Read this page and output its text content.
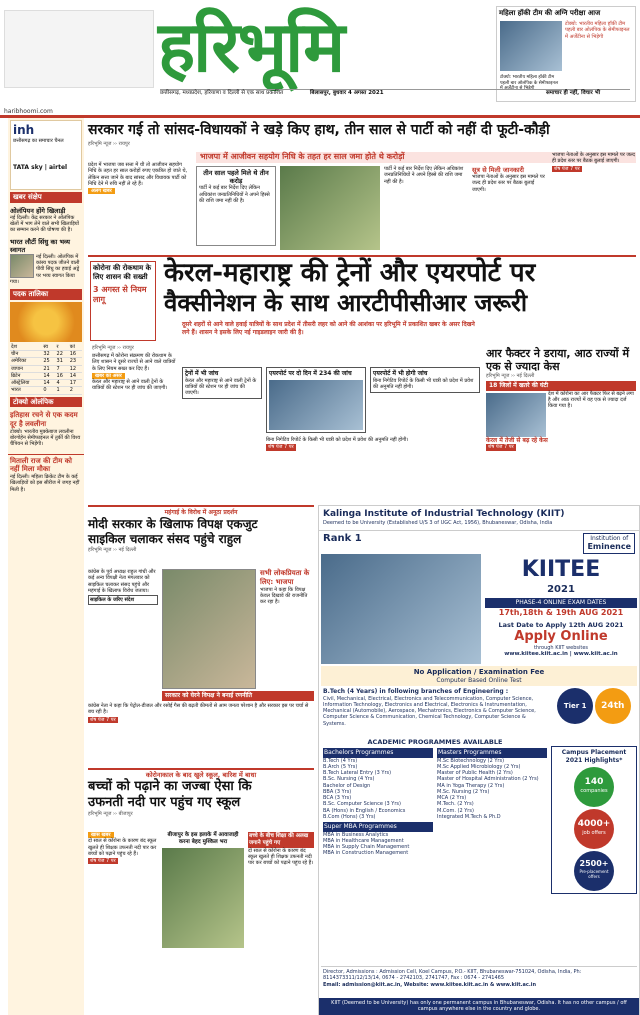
हरिभूमि	महिला हॉकी टीम की अग्नि परीक्षा आज
टोक्यो: भारतीय महिला हॉकी टीम पहली बार ओलंपिक के सेमीफाइनल में अर्जेंटीना से भिड़ेगी
टोक्यो: भारतीय महिला हॉकी टीम पहली बार ओलंपिक के सेमीफाइनल में अर्जेंटीना से भिड़ेगी
छत्तीसगढ़, मध्यप्रदेश, हरियाणा व दिल्ली से एक साथ प्रकाशित	बिलासपुर, बुधवार 4 अगस्त 2021	समाचार ही नहीं, विचार भी
haribhoomi.com
inh
छत्तीसगढ़ का समाचार चैनल
TATA sky | airtel
खबर संक्षेप
ओलंपियन होंगे खिलाड़ी
नई दिल्ली। केंद्र सरकार ने ओलंपिक खेलों में भाग लेने वाले सभी खिलाड़ियों का सम्मान करने की घोषणा की है।
भारत लौटीं सिंधु का भव्य स्वागत
नई दिल्ली। ओलंपिक में कांस्य पदक जीतने वाली पीवी सिंधु का हवाई अड्डे पर भव्य स्वागत किया गया।
पदक तालिका
देश	स्व	र	कां
चीन	32	22	16
अमेरिका	25	31	23
जापान	21	7	12
ब्रिटेन	14	16	14
ऑस्ट्रेलिया	14	4	17
भारत	0	1	2
टोक्यो ओलंपिक
इतिहास रचने से एक कदम दूर है लवलीना
टोक्यो। भारतीय मुक्केबाज लवलीना बोरगोहेन सेमीफाइनल में तुर्की की विश्व चैंपियन से भिड़ेंगी।
मिताली राज की टीम को नहीं मिला मौका
नई दिल्ली। महिला क्रिकेट टीम के कई खिलाड़ियों को इस सीरीज में जगह नहीं मिली है।
सरकार गई तो सांसद-विधायकों ने खड़े किए हाथ, तीन साल से पार्टी को नहीं दी फूटी-कौड़ी
हरिभूमि न्यूज ›› रायपुर
भाजपा में आजीवन सहयोग निधि के तहत हर साल जमा होते थे करोड़ों

प्रदेश में भाजपा जब सत्ता में थी तो आजीवन सहयोग निधि के तहत हर साल करोड़ों रुपए एकत्रित हो जाते थे, लेकिन सत्ता जाने के बाद सांसद और विधायक पार्टी को निधि देने में रुचि नहीं ले रहे हैं।

अलग खबर
तीन साल पहले मिले थे तीन करोड़
पार्टी ने कई बार निर्देश दिए लेकिन अधिकांश जनप्रतिनिधियों ने अपने हिस्से की राशि जमा नहीं की है।

पार्टी ने कई बार निर्देश दिए लेकिन अधिकांश जनप्रतिनिधियों ने अपने हिस्से की राशि जमा नहीं की है।

सूत्र से मिली जानकारी
भाजपा नेताओं के अनुसार इस मामले पर जल्द ही प्रदेश स्तर पर बैठक बुलाई जाएगी।

भाजपा नेताओं के अनुसार इस मामले पर जल्द ही प्रदेश स्तर पर बैठक बुलाई जाएगी।

शेष पेज 7 पर
कोरोना की रोकथाम के लिए शासन की सख्ती
3 अगस्त से नियम लागू
केरल-महाराष्ट्र की ट्रेनों और एयरपोर्ट पर
वैक्सीनेशन के साथ आरटीपीसीआर जरूरी
हरिभूमि न्यूज ›› रायपुर

छत्तीसगढ़ में कोरोना संक्रमण की रोकथाम के लिए शासन ने दूसरे राज्यों से आने वाले यात्रियों के लिए नियम सख्त कर दिए हैं।

खबर का असर

केरल और महाराष्ट्र से आने वाली ट्रेनों के यात्रियों की स्टेशन पर ही जांच की जाएगी।

दूसरे शहरों से आने वाले हवाई यात्रियों के साथ प्रदेश में तीसरी लहर को आने की आशंका पर हरिभूमि में प्रकाशित खबर के असर दिखने लगे हैं। शासन ने इसके लिए नई गाइडलाइन जारी की है।
ट्रेनों में भी जांच
केरल और महाराष्ट्र से आने वाली ट्रेनों के यात्रियों की स्टेशन पर ही जांच की जाएगी।
एयरपोर्ट पर दो दिन में 234 की जांच	एयरपोर्ट में भी होगी जांच
बिना निगेटिव रिपोर्ट के किसी भी यात्री को प्रदेश में प्रवेश की अनुमति नहीं होगी।

बिना निगेटिव रिपोर्ट के किसी भी यात्री को प्रदेश में प्रवेश की अनुमति नहीं होगी।

शेष पेज 7 पर
आर फैक्टर ने डराया, आठ राज्यों में एक से ज्यादा केस
हरिभूमि न्यूज ›› नई दिल्ली
18 जिलों में खतरे की घंटी
देश में कोरोना का आर फैक्टर फिर से बढ़ने लगा है और आठ राज्यों में यह एक से ज्यादा दर्ज किया गया है।
केरल में तेजी से बढ़ रहे केस
शेष पेज 7 पर
महंगाई के विरोध में अनूठा प्रदर्शन
मोदी सरकार के खिलाफ विपक्ष एकजुट
साइकिल चलाकर संसद पहुंचे राहुल
हरिभूमि न्यूज ›› नई दिल्ली

कांग्रेस के पूर्व अध्यक्ष राहुल गांधी और कई अन्य विपक्षी नेता मंगलवार को साइकिल चलाकर संसद पहुंचे और महंगाई के खिलाफ विरोध जताया।

साइकिल के जरिए संदेश
सभी लोकप्रियता के लिए: भाजपा
भाजपा ने कहा कि विपक्ष केवल दिखावे की राजनीति कर रहा है।
सरकार को घेरने विपक्ष ने बनाई रणनीति

कांग्रेस नेता ने कहा कि पेट्रोल-डीजल और रसोई गैस की बढ़ती कीमतों से आम जनता परेशान है और सरकार इस पर चर्चा से बच रही है।

शेष पेज 7 पर
कोरोनाकाल के बाद खुले स्कूल, बारिश में बाधा
बच्चों को पढ़ाने का जज्बा ऐसा कि
उफनती नदी पार पहुंच गए स्कूल
हरिभूमि न्यूज ›› बीजापुर
खास खबर

दो साल से कोरोना के कारण बंद स्कूल खुलते ही शिक्षक उफनती नदी पार कर बच्चों को पढ़ाने पहुंच रहे हैं।

शेष पेज 7 पर
बीजापुर के इस इलाके में आवाजाही करना बेहद मुश्किल भरा
बच्चे के बीच शिक्षा की अलख जगाने पहुंचे गए
दो साल से कोरोना के कारण बंद स्कूल खुलते ही शिक्षक उफनती नदी पार कर बच्चों को पढ़ाने पहुंच रहे हैं।
Kalinga Institute of Industrial Technology (KIIT)
Deemed to be University (Established U/S 3 of UGC Act, 1956), Bhubaneswar, Odisha, India
Rank 1	Institution of
Eminence
KIITEE
2021
PHASE-4 ONLINE EXAM DATES
17th,18th & 19th AUG 2021
Last Date to Apply 12th AUG 2021
Apply Online
through KIIT websites
www.kiitee.kiit.ac.in | www.kiit.ac.in
No Application / Examination Fee
Computer Based Online Test
B.Tech (4 Years) in following branches of Engineering :
Civil, Mechanical, Electrical, Electronics and Telecommunication, Computer Science, Information Technology, Electronics and Electrical, Electronics & Instrumentation, Mechanical (Automobile), Aerospace, Mechatronics, Electronics & Computer Science, Computer Science & Communication, Chemical Technology, Computer Science & Systems.
ACADEMIC PROGRAMMES AVAILABLE
Bachelors Programmes
B.Tech (4 Yrs)
B.Arch (5 Yrs)
B.Tech Lateral Entry (3 Yrs)
B.Sc. Nursing (4 Yrs)
Bachelor of Design
BBA (3 Yrs)
BCA (3 Yrs)
B.Sc. Computer Science (3 Yrs)
BA (Hons) in English / Economics
B.Com (Hons) (3 Yrs)
Super MBA Programmes
MBA in Business Analytics
MBA in Healthcare Management
MBA in Supply Chain Management
MBA in Construction Management
Masters Programmes
M.Sc Biotechnology (2 Yrs)
M.Sc Applied Microbiology (2 Yrs)
Master of Public Health (2 Yrs)
Master of Hospital Administration (2 Yrs)
MA in Yoga Therapy (2 Yrs)
M.Sc. Nursing (2 Yrs)
MCA (2 Yrs)
M.Tech. (2 Yrs)
M.Com. (2 Yrs)
Integrated M.Tech & Ph.D
Tier 1 24th
Campus Placement 2021 Highlights*
140
companies

4000+
job offers

2500+
Pre-placement offers
Director, Admissions : Admission Cell, Koel Campus, P.O.- KIIT, Bhubaneswar-751024, Odisha, India, Ph: 8114373311/12/13/14, 0674 - 2742103, 2741747, Fax : 0674 - 2741465
Email: admission@kiit.ac.in, Website: www.kiitee.kiit.ac.in & www.kiit.ac.in
KIIT (Deemed to be University) has only one permanent campus in Bhubaneswar, Odisha. It has no other campus / off campus anywhere else in the country and globe.
